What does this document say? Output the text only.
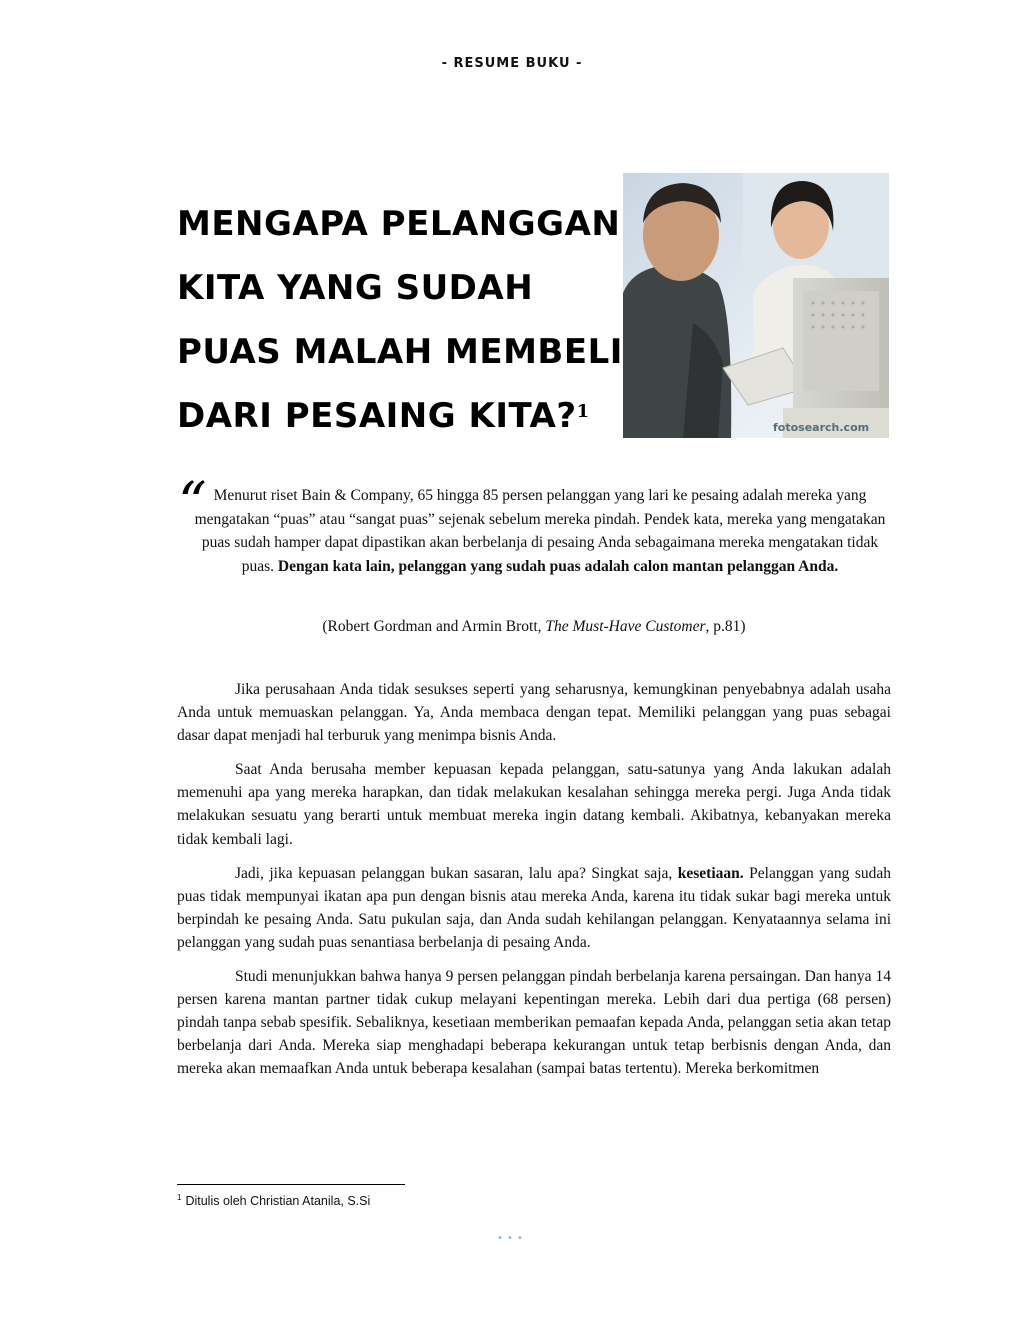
- RESUME BUKU -
MENGAPA PELANGGAN
KITA YANG SUDAH
PUAS MALAH MEMBELI
DARI PESAING KITA?$^1$
fotosearch.com
“ Menurut riset Bain & Company, 65 hingga 85 persen pelanggan yang lari ke pesaing adalah mereka yang mengatakan “puas” atau “sangat puas” sejenak sebelum mereka pindah. Pendek kata, mereka yang mengatakan puas sudah hamper dapat dipastikan akan berbelanja di pesaing Anda sebagaimana mereka mengatakan tidak puas. Dengan kata lain, pelanggan yang sudah puas adalah calon mantan pelanggan Anda.
(Robert Gordman and Armin Brott, The Must-Have Customer, p.81)

Jika perusahaan Anda tidak sesukses seperti yang seharusnya, kemungkinan penyebabnya adalah usaha Anda untuk memuaskan pelanggan. Ya, Anda membaca dengan tepat. Memiliki pelanggan yang puas sebagai dasar dapat menjadi hal terburuk yang menimpa bisnis Anda.

Saat Anda berusaha member kepuasan kepada pelanggan, satu-satunya yang Anda lakukan adalah memenuhi apa yang mereka harapkan, dan tidak melakukan kesalahan sehingga mereka pergi. Juga Anda tidak melakukan sesuatu yang berarti untuk membuat mereka ingin datang kembali. Akibatnya, kebanyakan mereka tidak kembali lagi.

Jadi, jika kepuasan pelanggan bukan sasaran, lalu apa? Singkat saja, kesetiaan. Pelanggan yang sudah puas tidak mempunyai ikatan apa pun dengan bisnis atau mereka Anda, karena itu tidak sukar bagi mereka untuk berpindah ke pesaing Anda. Satu pukulan saja, dan Anda sudah kehilangan pelanggan. Kenyataannya selama ini pelanggan yang sudah puas senantiasa berbelanja di pesaing Anda.

Studi menunjukkan bahwa hanya 9 persen pelanggan pindah berbelanja karena persaingan. Dan hanya 14 persen karena mantan partner tidak cukup melayani kepentingan mereka. Lebih dari dua pertiga (68 persen) pindah tanpa sebab spesifik. Sebaliknya, kesetiaan memberikan pemaafan kepada Anda, pelanggan setia akan tetap berbelanja dari Anda. Mereka siap menghadapi beberapa kekurangan untuk tetap berbisnis dengan Anda, dan mereka akan memaafkan Anda untuk beberapa kesalahan (sampai batas tertentu). Mereka berkomitmen

$^1$ Ditulis oleh Christian Atanila, S.Si
•••
